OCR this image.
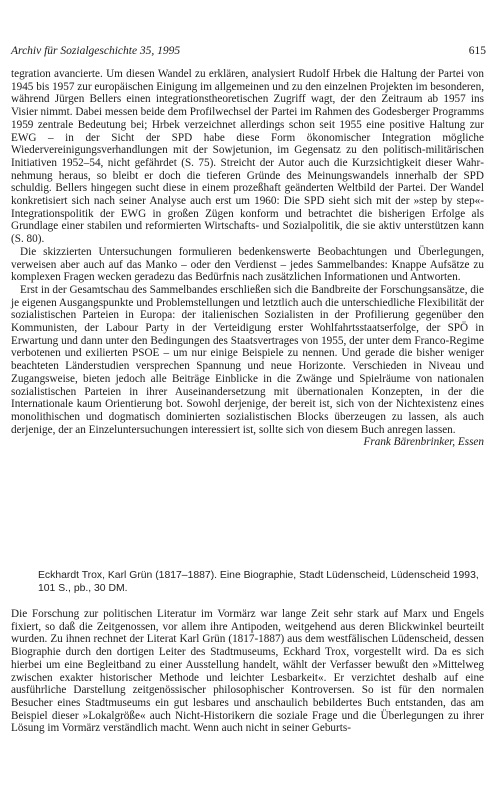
Archiv für Sozialgeschichte 35, 1995	615

tegration avancierte. Um diesen Wandel zu erklären, analysiert Rudolf Hrbek die Haltung der Partei von 1945 bis 1957 zur europäischen Einigung im allgemeinen und zu den einzelnen Projekten im besonderen, während Jürgen Bellers einen integrationstheoretischen Zugriff wagt, der den Zeitraum ab 1957 ins Visier nimmt. Dabei messen beide dem Profilwechsel der Partei im Rahmen des Godesberger Programms 1959 zentrale Bedeutung bei; Hrbek verzeichnet allerdings schon seit 1955 eine positive Haltung zur EWG – in der Sicht der SPD habe diese Form ökonomischer Integration mögliche Wiedervereinigungsverhandlungen mit der Sowjetunion, im Gegensatz zu den politisch-militärischen Initiativen 1952–54, nicht gefährdet (S. 75). Streicht der Autor auch die Kurzsichtigkeit dieser Wahrnehmung heraus, so bleibt er doch die tieferen Gründe des Meinungswandels innerhalb der SPD schuldig. Bellers hingegen sucht diese in einem prozeßhaft geänderten Weltbild der Partei. Der Wandel konkretisiert sich nach seiner Analyse auch erst um 1960: Die SPD sieht sich mit der »step by step«-Integrationspolitik der EWG in großen Zügen konform und betrachtet die bisherigen Erfolge als Grundlage einer stabilen und reformierten Wirtschafts- und Sozialpolitik, die sie aktiv unterstützen kann (S. 80).

Die skizzierten Untersuchungen formulieren bedenkenswerte Beobachtungen und Überlegungen, verweisen aber auch auf das Manko – oder den Verdienst – jedes Sammelbandes: Knappe Aufsätze zu komplexen Fragen wecken geradezu das Bedürfnis nach zusätzlichen Informationen und Antworten.

Erst in der Gesamtschau des Sammelbandes erschließen sich die Bandbreite der Forschungsansätze, die je eigenen Ausgangspunkte und Problemstellungen und letztlich auch die unterschiedliche Flexibilität der sozialistischen Parteien in Europa: der italienischen Sozialisten in der Profilierung gegenüber den Kommunisten, der Labour Party in der Verteidigung erster Wohlfahrtsstaatserfolge, der SPÖ in Erwartung und dann unter den Bedingungen des Staatsvertrages von 1955, der unter dem Franco-Regime verbotenen und exilierten PSOE – um nur einige Beispiele zu nennen. Und gerade die bisher weniger beachteten Länderstudien versprechen Spannung und neue Horizonte. Verschieden in Niveau und Zugangsweise, bieten jedoch alle Beiträge Einblicke in die Zwänge und Spielräume von nationalen sozialistischen Parteien in ihrer Auseinandersetzung mit übernationalen Konzepten, in der die Internationale kaum Orientierung bot. Sowohl derjenige, der bereit ist, sich von der Nichtexistenz eines monolithischen und dogmatisch dominierten sozialistischen Blocks überzeugen zu lassen, als auch derjenige, der an Einzeluntersuchungen interessiert ist, sollte sich von diesem Buch anregen lassen.

Frank Bärenbrinker, Essen
Eckhardt Trox, Karl Grün (1817–1887). Eine Biographie, Stadt Lüdenscheid, Lüdenscheid 1993, 101 S., pb., 30 DM.

Die Forschung zur politischen Literatur im Vormärz war lange Zeit sehr stark auf Marx und Engels fixiert, so daß die Zeitgenossen, vor allem ihre Antipoden, weitgehend aus deren Blickwinkel beurteilt wurden. Zu ihnen rechnet der Literat Karl Grün (1817-1887) aus dem westfälischen Lüdenscheid, dessen Biographie durch den dortigen Leiter des Stadtmuseums, Eckhard Trox, vorgestellt wird. Da es sich hierbei um eine Begleitband zu einer Ausstellung handelt, wählt der Verfasser bewußt den »Mittelweg zwischen exakter historischer Methode und leichter Lesbarkeit«. Er verzichtet deshalb auf eine ausführliche Darstellung zeitgenössischer philosophischer Kontroversen. So ist für den normalen Besucher eines Stadtmuseums ein gut lesbares und anschaulich bebildertes Buch entstanden, das am Beispiel dieser »Lokalgröße« auch Nicht-Historikern die soziale Frage und die Überlegungen zu ihrer Lösung im Vormärz verständlich macht. Wenn auch nicht in seiner Geburts-
